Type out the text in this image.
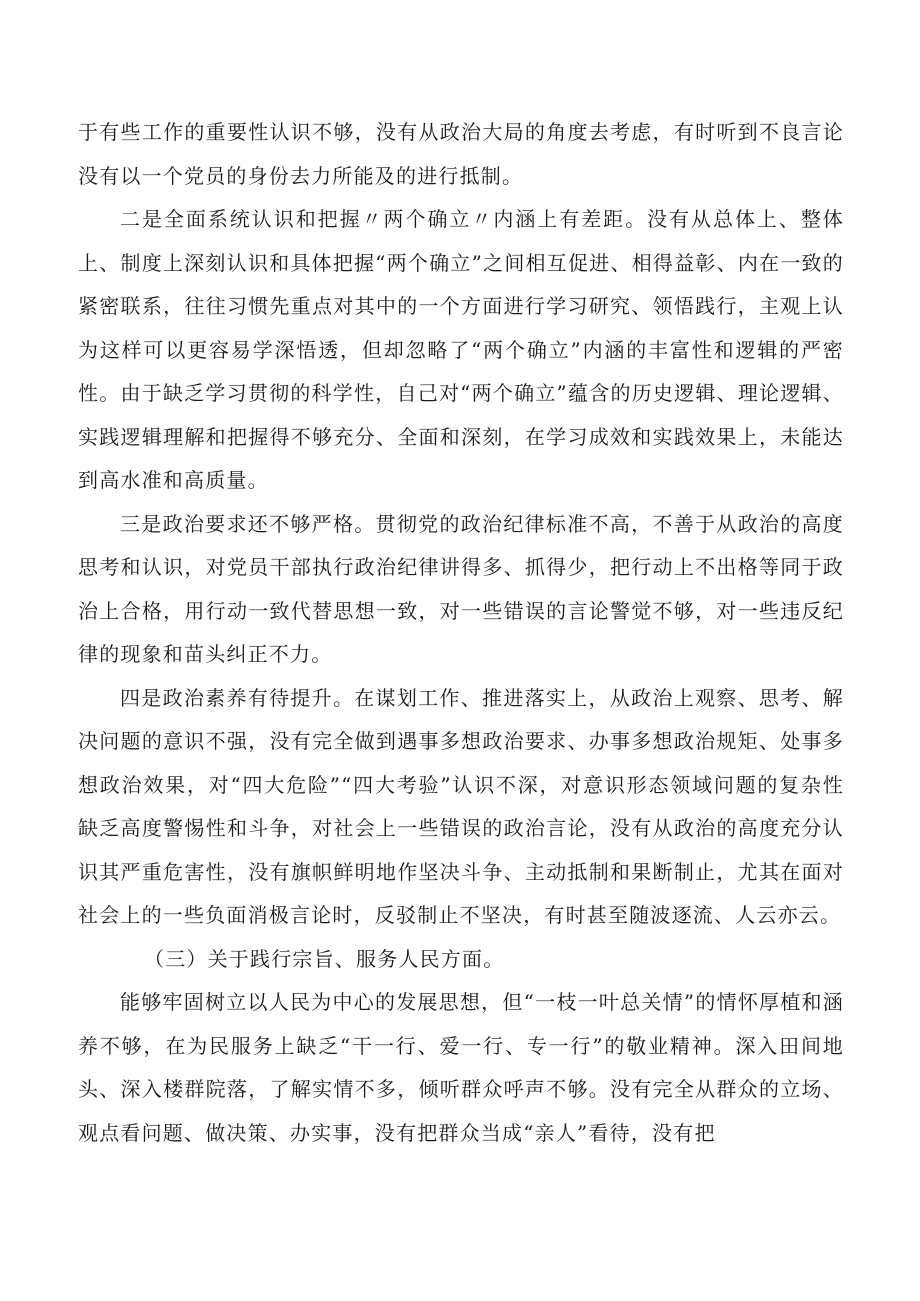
于有些工作的重要性认识不够，没有从政治大局的角度去考虑，有时听到不良言论没有以一个党员的身份去力所能及的进行抵制。

二是全面系统认识和把握〃两个确立〃内涵上有差距。没有从总体上、整体上、制度上深刻认识和具体把握“两个确立”之间相互促进、相得益彰、内在一致的紧密联系，往往习惯先重点对其中的一个方面进行学习研究、领悟践行，主观上认为这样可以更容易学深悟透，但却忽略了“两个确立”内涵的丰富性和逻辑的严密性。由于缺乏学习贯彻的科学性，自己对“两个确立”蕴含的历史逻辑、理论逻辑、实践逻辑理解和把握得不够充分、全面和深刻，在学习成效和实践效果上，未能达到高水准和高质量。

三是政治要求还不够严格。贯彻党的政治纪律标准不高，不善于从政治的高度思考和认识，对党员干部执行政治纪律讲得多、抓得少，把行动上不出格等同于政治上合格，用行动一致代替思想一致，对一些错误的言论警觉不够，对一些违反纪律的现象和苗头纠正不力。

四是政治素养有待提升。在谋划工作、推进落实上，从政治上观察、思考、解决问题的意识不强，没有完全做到遇事多想政治要求、办事多想政治规矩、处事多想政治效果，对“四大危险”“四大考验”认识不深，对意识形态领域问题的复杂性缺乏高度警惕性和斗争，对社会上一些错误的政治言论，没有从政治的高度充分认识其严重危害性，没有旗帜鲜明地作坚决斗争、主动抵制和果断制止，尤其在面对社会上的一些负面消极言论时，反驳制止不坚决，有时甚至随波逐流、人云亦云。

（三）关于践行宗旨、服务人民方面。

能够牢固树立以人民为中心的发展思想，但“一枝一叶总关情”的情怀厚植和涵养不够，在为民服务上缺乏“干一行、爱一行、专一行”的敬业精神。深入田间地头、深入楼群院落，了解实情不多，倾听群众呼声不够。没有完全从群众的立场、观点看问题、做决策、办实事，没有把群众当成“亲人”看待，没有把
